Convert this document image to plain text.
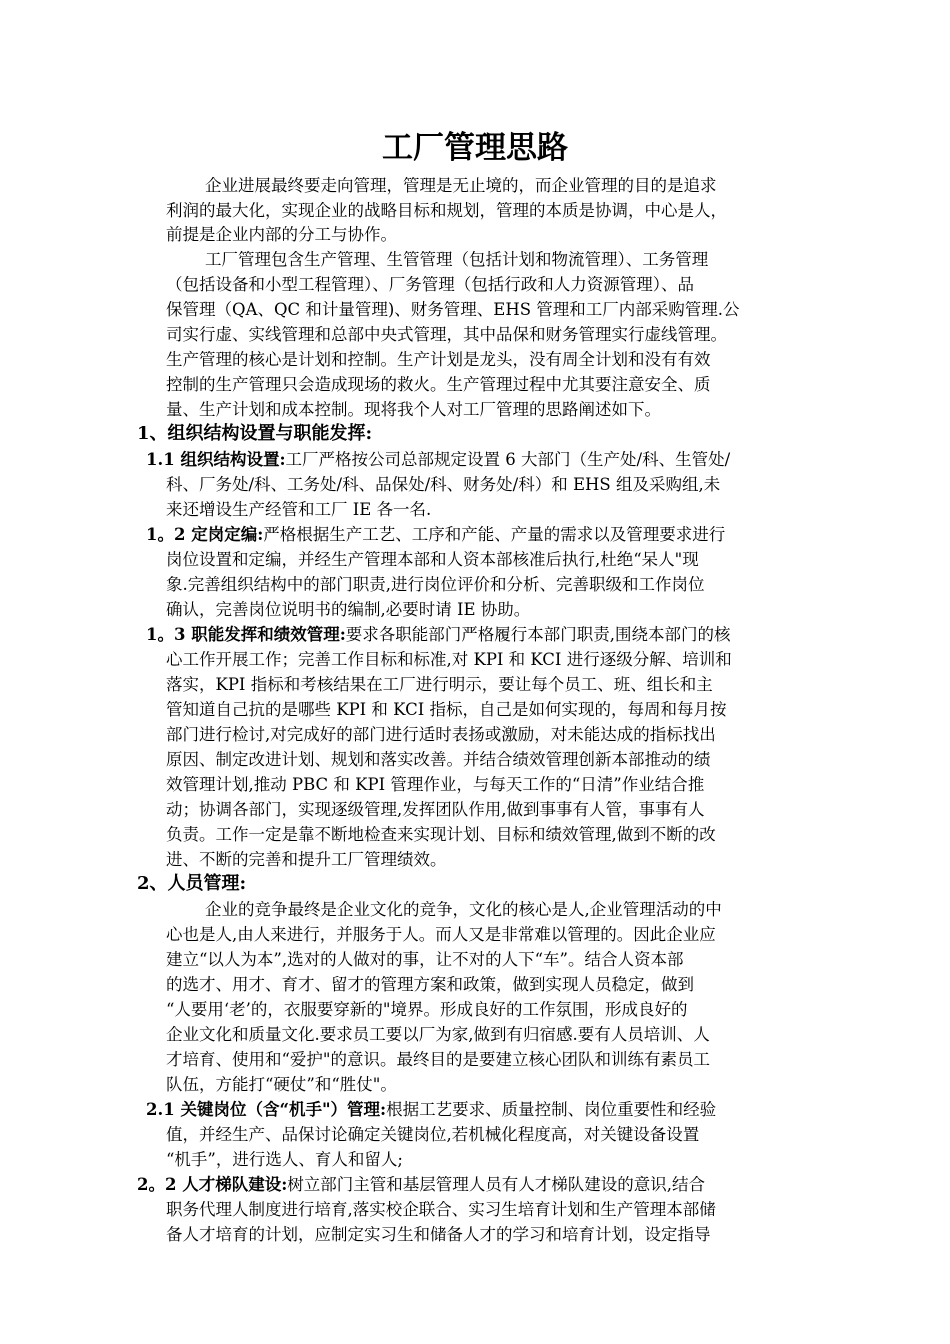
工厂管理思路

企业进展最终要走向管理，管理是无止境的，而企业管理的目的是追求

利润的最大化，实现企业的战略目标和规划，管理的本质是协调，中心是人，

前提是企业内部的分工与协作。

工厂管理包含生产管理、生管管理（包括计划和物流管理）、工务管理

（包括设备和小型工程管理）、厂务管理（包括行政和人力资源管理）、品

保管理（QA、QC 和计量管理)、财务管理、EHS 管理和工厂内部采购管理.公

司实行虚、实线管理和总部中央式管理，其中品保和财务管理实行虚线管理。

生产管理的核心是计划和控制。生产计划是龙头，没有周全计划和没有有效

控制的生产管理只会造成现场的救火。生产管理过程中尤其要注意安全、质

量、生产计划和成本控制。现将我个人对工厂管理的思路阐述如下。

1、组织结构设置与职能发挥:

1.1 组织结构设置:工厂严格按公司总部规定设置 6 大部门（生产处/科、生管处/

科、厂务处/科、工务处/科、品保处/科、财务处/科）和 EHS 组及采购组,未

来还增设生产经管和工厂 IE 各一名.

1。2 定岗定编:严格根据生产工艺、工序和产能、产量的需求以及管理要求进行

岗位设置和定编，并经生产管理本部和人资本部核准后执行,杜绝“呆人"现

象.完善组织结构中的部门职责,进行岗位评价和分析、完善职级和工作岗位

确认，完善岗位说明书的编制,必要时请 IE 协助。

1。3 职能发挥和绩效管理:要求各职能部门严格履行本部门职责,围绕本部门的核

心工作开展工作；完善工作目标和标准,对 KPI 和 KCI 进行逐级分解、培训和

落实，KPI 指标和考核结果在工厂进行明示，要让每个员工、班、组长和主

管知道自己抗的是哪些 KPI 和 KCI 指标，自己是如何实现的，每周和每月按

部门进行检讨,对完成好的部门进行适时表扬或激励，对未能达成的指标找出

原因、制定改进计划、规划和落实改善。并结合绩效管理创新本部推动的绩

效管理计划,推动 PBC 和 KPI 管理作业，与每天工作的“日清”作业结合推

动；协调各部门，实现逐级管理,发挥团队作用,做到事事有人管，事事有人

负责。工作一定是靠不断地检查来实现计划、目标和绩效管理,做到不断的改

进、不断的完善和提升工厂管理绩效。

2、人员管理:

企业的竞争最终是企业文化的竞争，文化的核心是人,企业管理活动的中

心也是人,由人来进行，并服务于人。而人又是非常难以管理的。因此企业应

建立“以人为本”,选对的人做对的事，让不对的人下“车”。结合人资本部

的选才、用才、育才、留才的管理方案和政策，做到实现人员稳定，做到

“人要用‘老’的，衣服要穿新的"境界。形成良好的工作氛围，形成良好的

企业文化和质量文化.要求员工要以厂为家,做到有归宿感.要有人员培训、人

才培育、使用和“爱护"的意识。最终目的是要建立核心团队和训练有素员工

队伍，方能打“硬仗”和“胜仗"。

2.1 关键岗位（含“机手"）管理:根据工艺要求、质量控制、岗位重要性和经验

值，并经生产、品保讨论确定关键岗位,若机械化程度高，对关键设备设置

“机手”，进行选人、育人和留人;

2。2 人才梯队建设:树立部门主管和基层管理人员有人才梯队建设的意识,结合

职务代理人制度进行培育,落实校企联合、实习生培育计划和生产管理本部储

备人才培育的计划，应制定实习生和储备人才的学习和培育计划，设定指导
